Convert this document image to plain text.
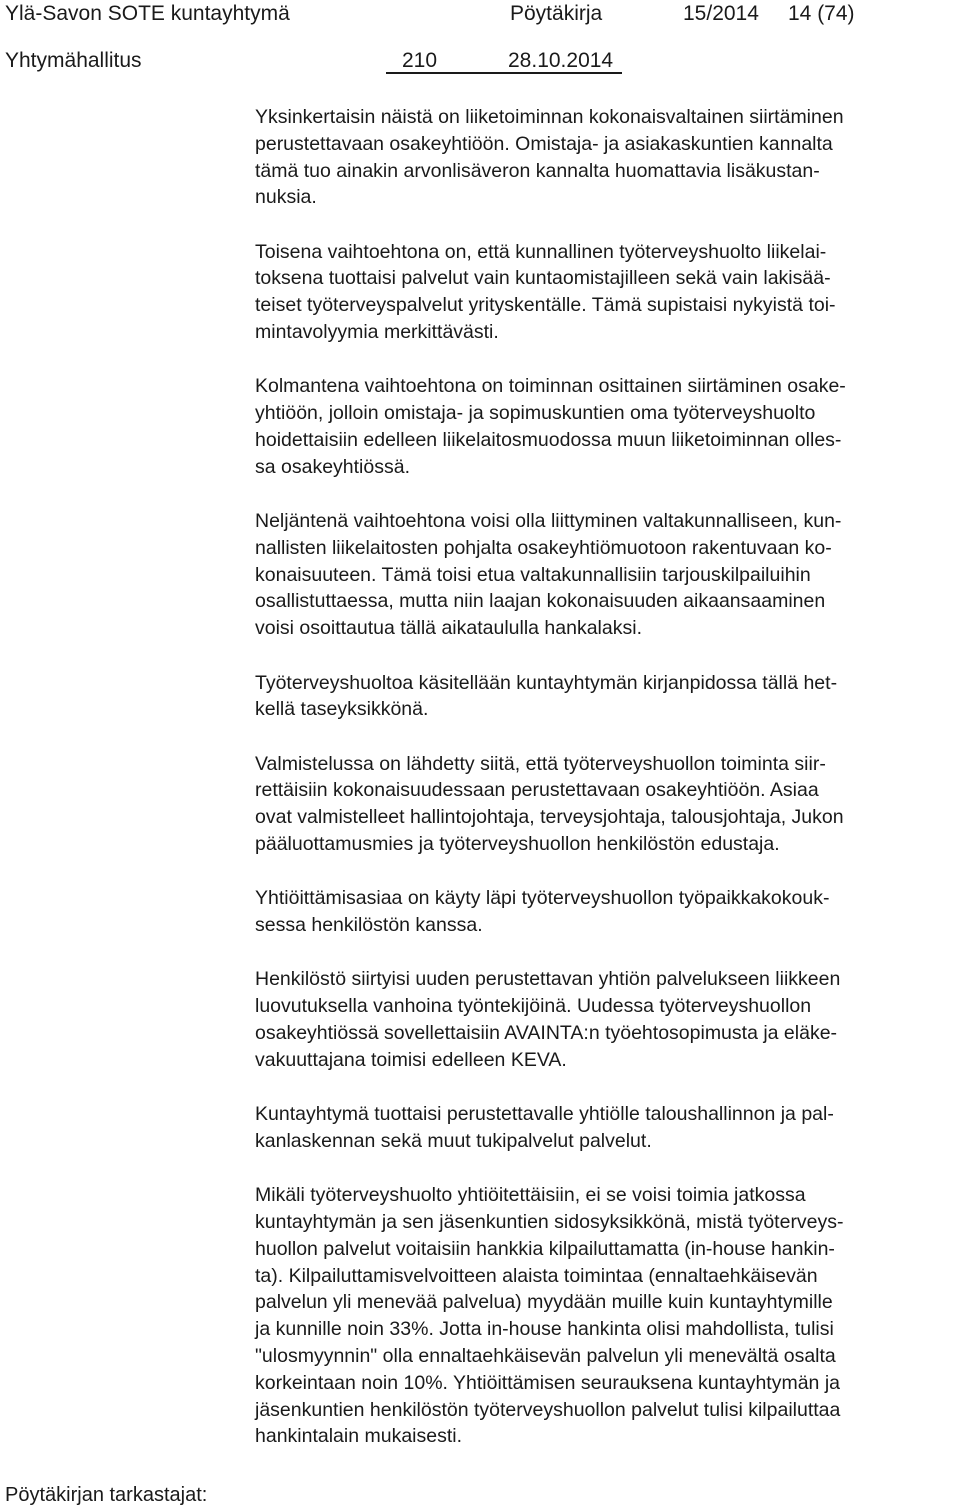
Ylä-Savon SOTE kuntayhtymä	Pöytäkirja	15/2014 14 (74)
Yhtymähallitus	210	28.10.2014

Yksinkertaisin näistä on liiketoiminnan kokonaisvaltainen siirtäminen
perustettavaan osakeyhtiöön. Omistaja- ja asiakaskuntien kannalta
tämä tuo ainakin arvonlisäveron kannalta huomattavia lisäkustan-
nuksia.

Toisena vaihtoehtona on, että kunnallinen työterveyshuolto liikelai-
toksena tuottaisi palvelut vain kuntaomistajilleen sekä vain lakisää-
teiset työterveyspalvelut yrityskentälle. Tämä supistaisi nykyistä toi-
mintavolyymia merkittävästi.

Kolmantena vaihtoehtona on toiminnan osittainen siirtäminen osake-
yhtiöön, jolloin omistaja- ja sopimuskuntien oma työterveyshuolto
hoidettaisiin edelleen liikelaitosmuodossa muun liiketoiminnan olles-
sa osakeyhtiössä.

Neljäntenä vaihtoehtona voisi olla liittyminen valtakunnalliseen, kun-
nallisten liikelaitosten pohjalta osakeyhtiömuotoon rakentuvaan ko-
konaisuuteen. Tämä toisi etua valtakunnallisiin tarjouskilpailuihin
osallistuttaessa, mutta niin laajan kokonaisuuden aikaansaaminen
voisi osoittautua tällä aikataululla hankalaksi.

Työterveyshuoltoa käsitellään kuntayhtymän kirjanpidossa tällä het-
kellä taseyksikkönä.

Valmistelussa on lähdetty siitä, että työterveyshuollon toiminta siir-
rettäisiin kokonaisuudessaan perustettavaan osakeyhtiöön. Asiaa
ovat valmistelleet hallintojohtaja, terveysjohtaja, talousjohtaja, Jukon
pääluottamusmies ja työterveyshuollon henkilöstön edustaja.

Yhtiöittämisasiaa on käyty läpi työterveyshuollon työpaikkakokouk-
sessa henkilöstön kanssa.

Henkilöstö siirtyisi uuden perustettavan yhtiön palvelukseen liikkeen
luovutuksella vanhoina työntekijöinä. Uudessa työterveyshuollon
osakeyhtiössä sovellettaisiin AVAINTA:n työehtosopimusta ja eläke-
vakuuttajana toimisi edelleen KEVA.

Kuntayhtymä tuottaisi perustettavalle yhtiölle taloushallinnon ja pal-
kanlaskennan sekä muut tukipalvelut palvelut.

Mikäli työterveyshuolto yhtiöitettäisiin, ei se voisi toimia jatkossa
kuntayhtymän ja sen jäsenkuntien sidosyksikkönä, mistä työterveys-
huollon palvelut voitaisiin hankkia kilpailuttamatta (in-house hankin-
ta). Kilpailuttamisvelvoitteen alaista toimintaa (ennaltaehkäisevän
palvelun yli menevää palvelua) myydään muille kuin kuntayhtymille
ja kunnille noin 33%. Jotta in-house hankinta olisi mahdollista, tulisi
"ulosmyynnin" olla ennaltaehkäisevän palvelun yli menevältä osalta
korkeintaan noin 10%. Yhtiöittämisen seurauksena kuntayhtymän ja
jäsenkuntien henkilöstön työterveyshuollon palvelut tulisi kilpailuttaa
hankintalain mukaisesti.

Pöytäkirjan tarkastajat:
